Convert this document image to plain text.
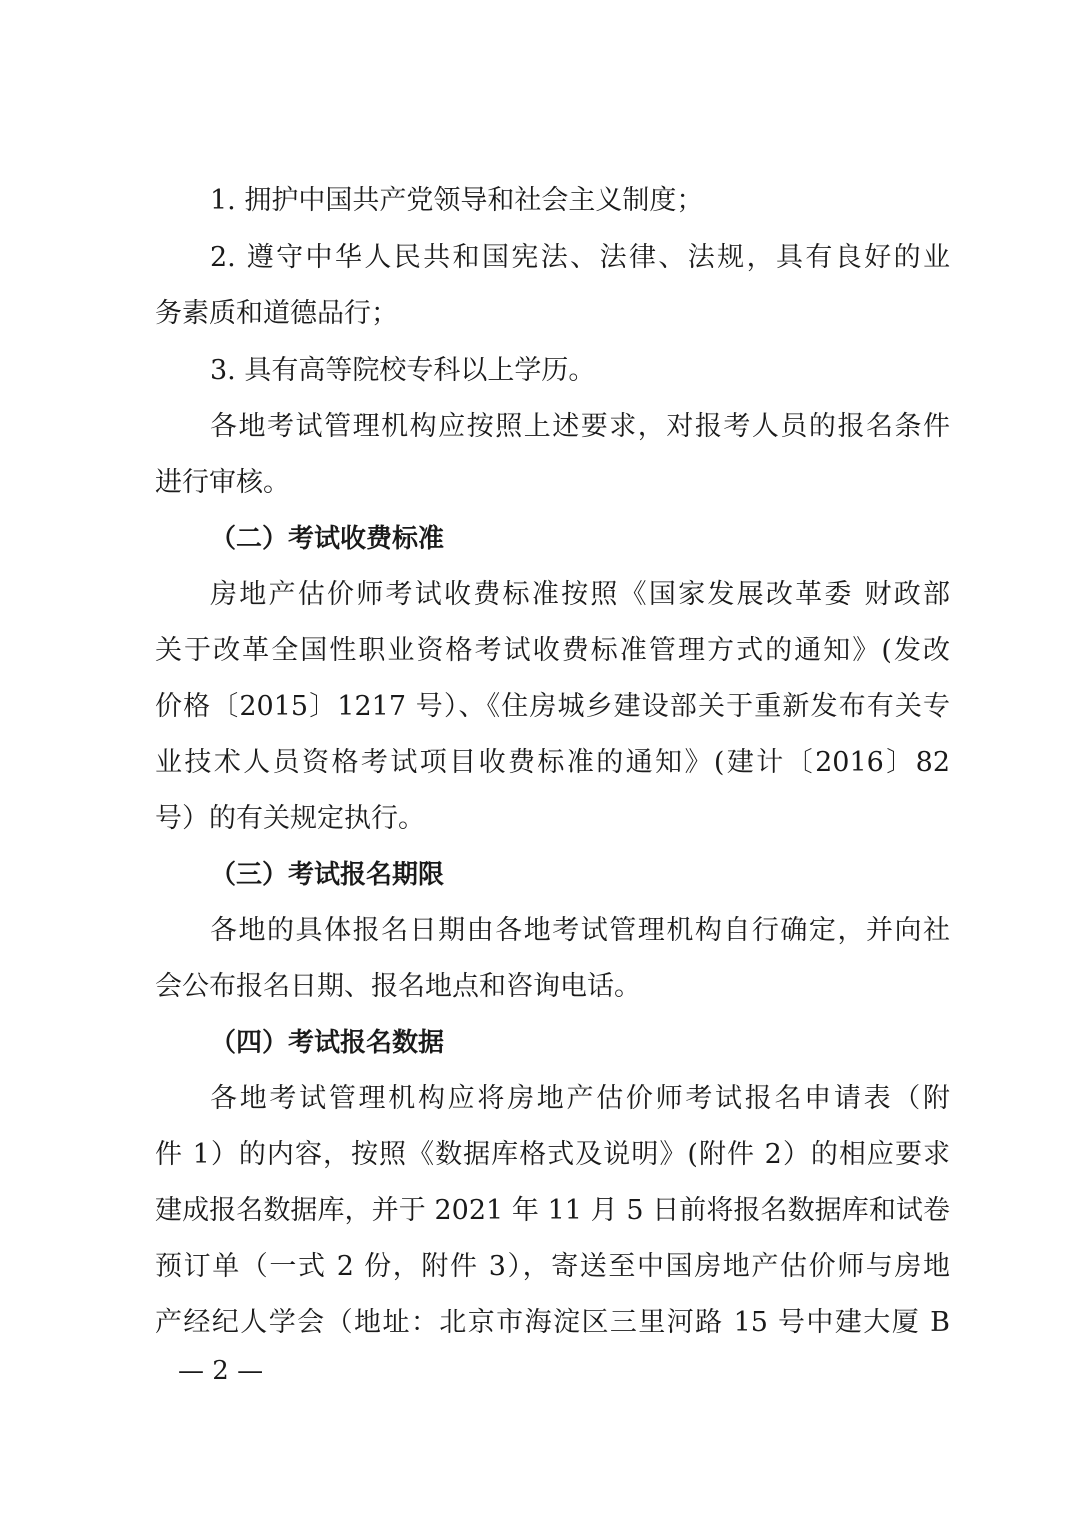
1. 拥护中国共产党领导和社会主义制度；
2. 遵守中华人民共和国宪法、法律、法规，具有良好的业
务素质和道德品行；
3. 具有高等院校专科以上学历。
各地考试管理机构应按照上述要求，对报考人员的报名条件
进行审核。
（二）考试收费标准
房地产估价师考试收费标准按照《国家发展改革委 财政部
关于改革全国性职业资格考试收费标准管理方式的通知》(发改
价格〔2015〕1217 号）、《住房城乡建设部关于重新发布有关专
业技术人员资格考试项目收费标准的通知》(建计〔2016〕82
号）的有关规定执行。
（三）考试报名期限
各地的具体报名日期由各地考试管理机构自行确定，并向社
会公布报名日期、报名地点和咨询电话。
（四）考试报名数据
各地考试管理机构应将房地产估价师考试报名申请表（附
件 1）的内容，按照《数据库格式及说明》(附件 2）的相应要求
建成报名数据库，并于 2021 年 11 月 5 日前将报名数据库和试卷
预订单（一式 2 份，附件 3），寄送至中国房地产估价师与房地
产经纪人学会（地址：北京市海淀区三里河路 15 号中建大厦 B
— 2 —
